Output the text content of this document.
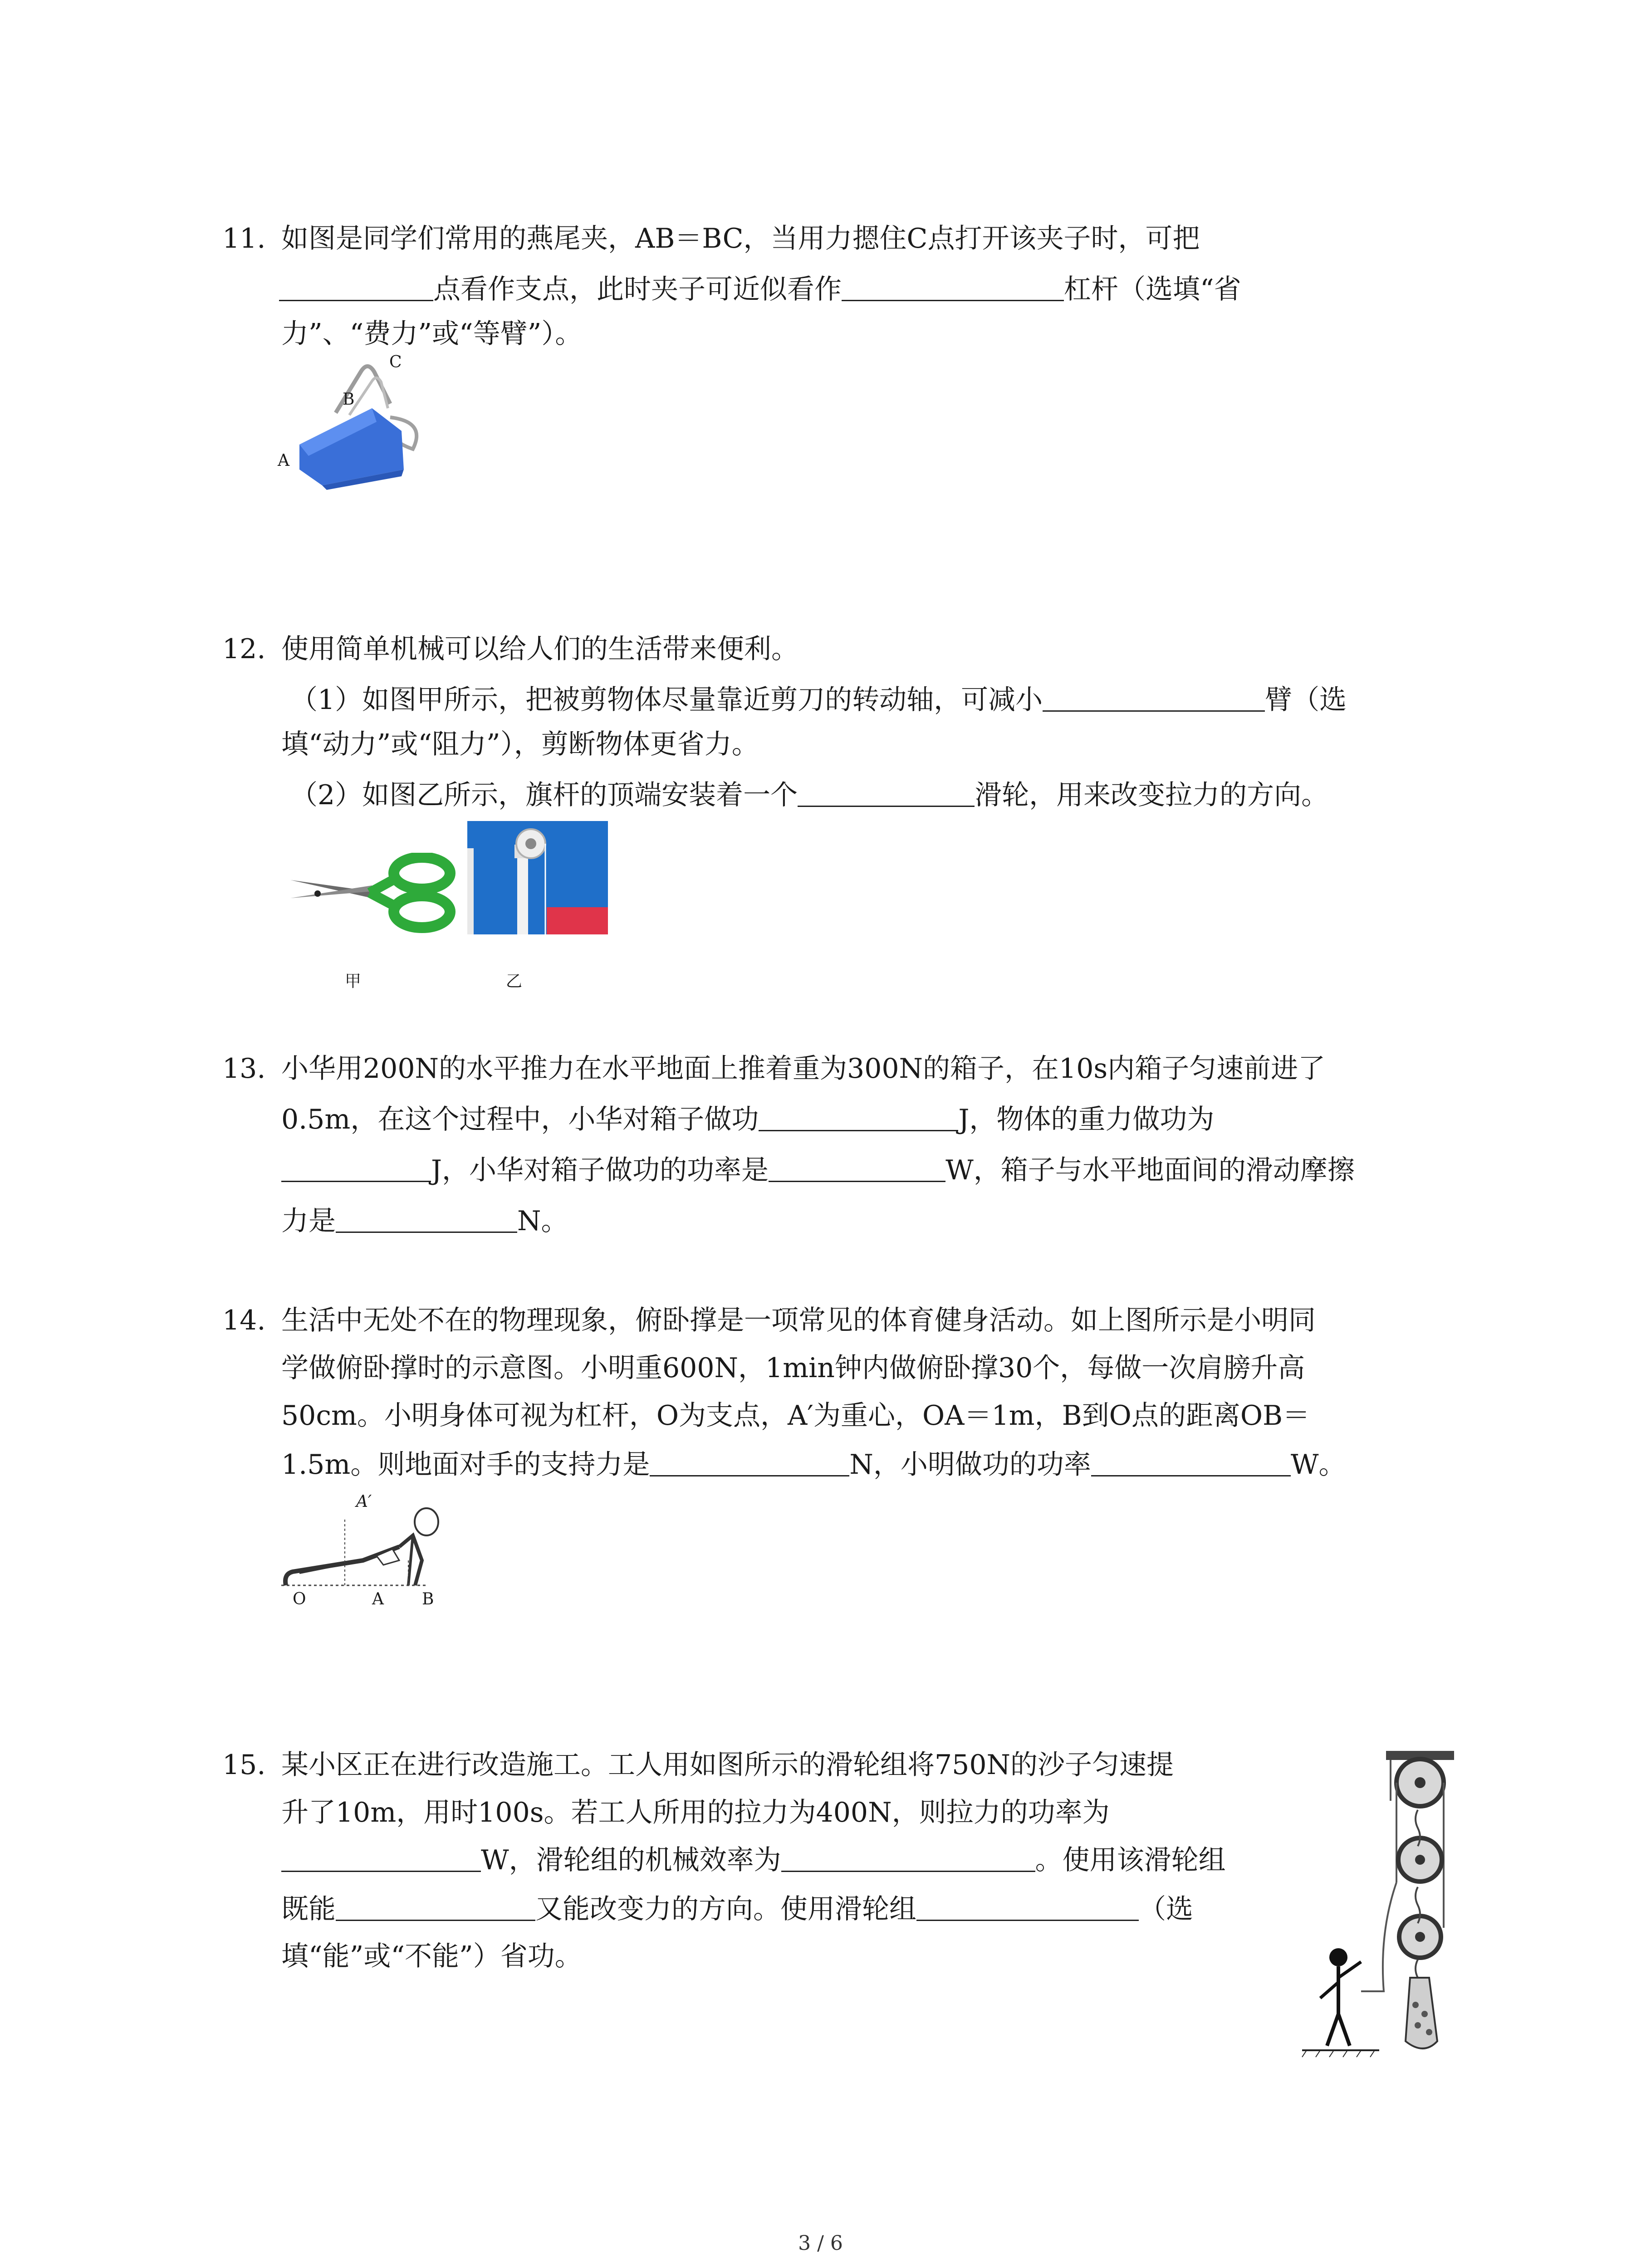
11. 如图是同学们常用的燕尾夹，AB＝BC，当用力摁住C点打开该夹子时，可把
点看作支点，此时夹子可近似看作	杠杆（选填“省
力”、“费力”或“等臂”）。
A
B
C
12. 使用简单机械可以给人们的生活带来便利。
（1）如图甲所示，把被剪物体尽量靠近剪刀的转动轴，可减小	臂（选
填“动力”或“阻力”），剪断物体更省力。
（2）如图乙所示，旗杆的顶端安装着一个	滑轮，用来改变拉力的方向。
甲	乙
13. 小华用200N的水平推力在水平地面上推着重为300N的箱子，在10s内箱子匀速前进了
0.5m，在这个过程中，小华对箱子做功	J，物体的重力做功为
J，小华对箱子做功的功率是	W，箱子与水平地面间的滑动摩擦
力是	N。
14. 生活中无处不在的物理现象，俯卧撑是一项常见的体育健身活动。如上图所示是小明同
学做俯卧撑时的示意图。小明重600N，1min钟内做俯卧撑30个，每做一次肩膀升高
50cm。小明身体可视为杠杆，O为支点，A′为重心，OA＝1m，B到O点的距离OB＝
1.5m。则地面对手的支持力是	N，小明做功的功率	W。
A′
O	A B
15. 某小区正在进行改造施工。工人用如图所示的滑轮组将750N的沙子匀速提
升了10m，用时100s。若工人所用的拉力为400N，则拉力的功率为
W，滑轮组的机械效率为	。使用该滑轮组
既能	又能改变力的方向。使用滑轮组	（选
填“能”或“不能”）省功。
3 / 6
